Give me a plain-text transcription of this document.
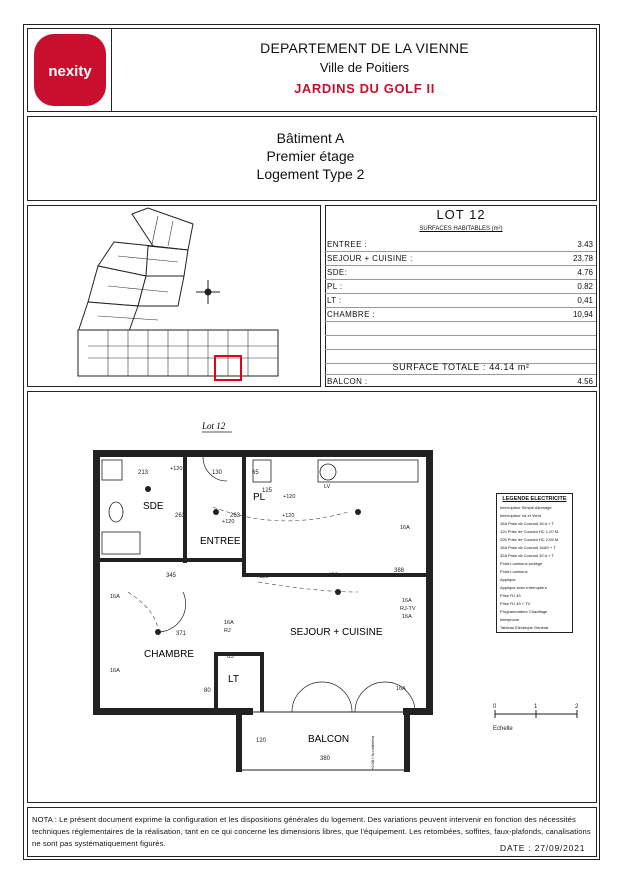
nexity
DEPARTEMENT DE LA VIENNE
Ville de Poitiers
JARDINS DU GOLF II
Bâtiment A
Premier étage
Logement Type 2
LOT 12
SURFACES HABITABLES (m²)
ENTREE :	3.43
SEJOUR + CUISINE :	23.78
SDE:	4.76
PL :	0.82
LT :	0,41
CHAMBRE :	10,94
SURFACE TOTALE : 44.14 m²
BALCON :	4.56
SDE
ENTREE
PL
CHAMBRE
LT
SEJOUR + CUISINE
BALCON
Lot 12
213	130	65
125
263	263
345	430
388
371
65
80
120
380
+120
+120
+120
+120
+120
16A
16A
16A
RJ
16A
16A
RJ-TV
16A
16A
LV
+0.08 / Nu intérieur
0	1	2
Echelle
LEGENDE ELECTRICITE
Interrupteur Simple Allumage
Interrupteur Va et Vient
16A Prise de Courant 16 A + T
120 Prise de Courant HC 1.20 M
205 Prise de Courant HC 2.05 M
16A Prise de Courant 16AS + T
32A Prise de Courant 32 A + T
Point Lumineux protégé
Point Lumineux
Applique
Applique avec Interrupteur
Prise RJ 45
Prise RJ 45 + TV
Programmateur Chauffage
Interphone
Tableau Electrique Général
NOTA : Le présent document exprime la configuration et les dispositions générales du logement. Des variations peuvent intervenir en fonction des nécessités techniques réglementaires de la réalisation, tant en ce qui concerne les dimensions libres, que l'équipement. Les retombées, soffites, faux-plafonds, canalisations ne sont pas systématiquement figurés.	DATE : 27/09/2021
